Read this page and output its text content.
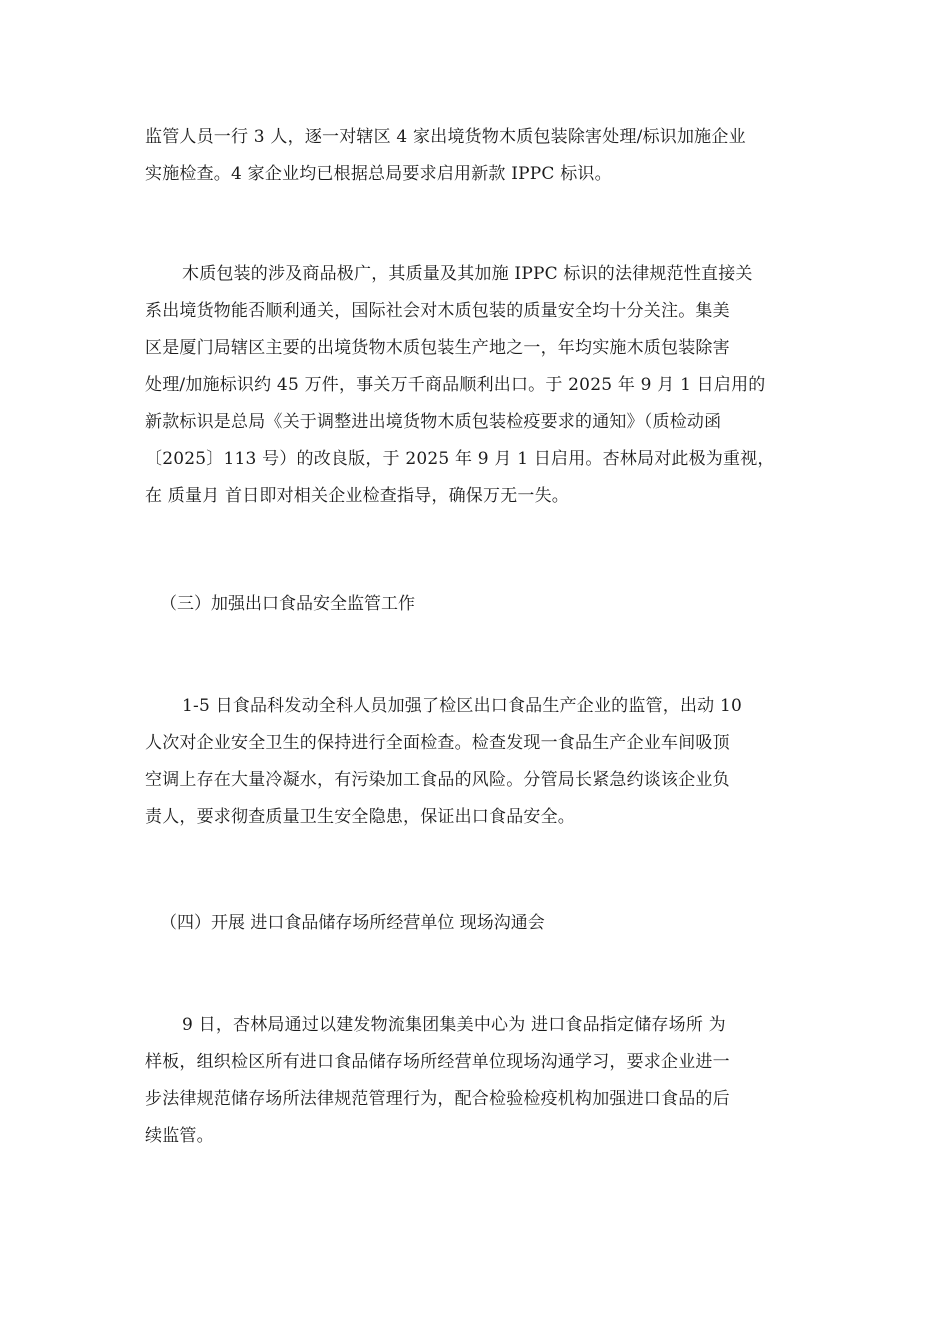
监管人员一行 3 人，逐一对辖区 4 家出境货物木质包装除害处理/标识加施企业
实施检查。4 家企业均已根据总局要求启用新款 IPPC 标识。
木质包装的涉及商品极广，其质量及其加施 IPPC 标识的法律规范性直接关
系出境货物能否顺利通关，国际社会对木质包装的质量安全均十分关注。集美
区是厦门局辖区主要的出境货物木质包装生产地之一，年均实施木质包装除害
处理/加施标识约 45 万件，事关万千商品顺利出口。于 2025 年 9 月 1 日启用的
新款标识是总局《关于调整进出境货物木质包装检疫要求的通知》（质检动函
〔2025〕113 号）的改良版，于 2025 年 9 月 1 日启用。杏林局对此极为重视，
在 质量月 首日即对相关企业检查指导，确保万无一失。
（三）加强出口食品安全监管工作
1-5 日食品科发动全科人员加强了检区出口食品生产企业的监管，出动 10
人次对企业安全卫生的保持进行全面检查。检查发现一食品生产企业车间吸顶
空调上存在大量冷凝水，有污染加工食品的风险。分管局长紧急约谈该企业负
责人，要求彻查质量卫生安全隐患，保证出口食品安全。
（四）开展 进口食品储存场所经营单位 现场沟通会
9 日，杏林局通过以建发物流集团集美中心为 进口食品指定储存场所 为
样板，组织检区所有进口食品储存场所经营单位现场沟通学习，要求企业进一
步法律规范储存场所法律规范管理行为，配合检验检疫机构加强进口食品的后
续监管。
